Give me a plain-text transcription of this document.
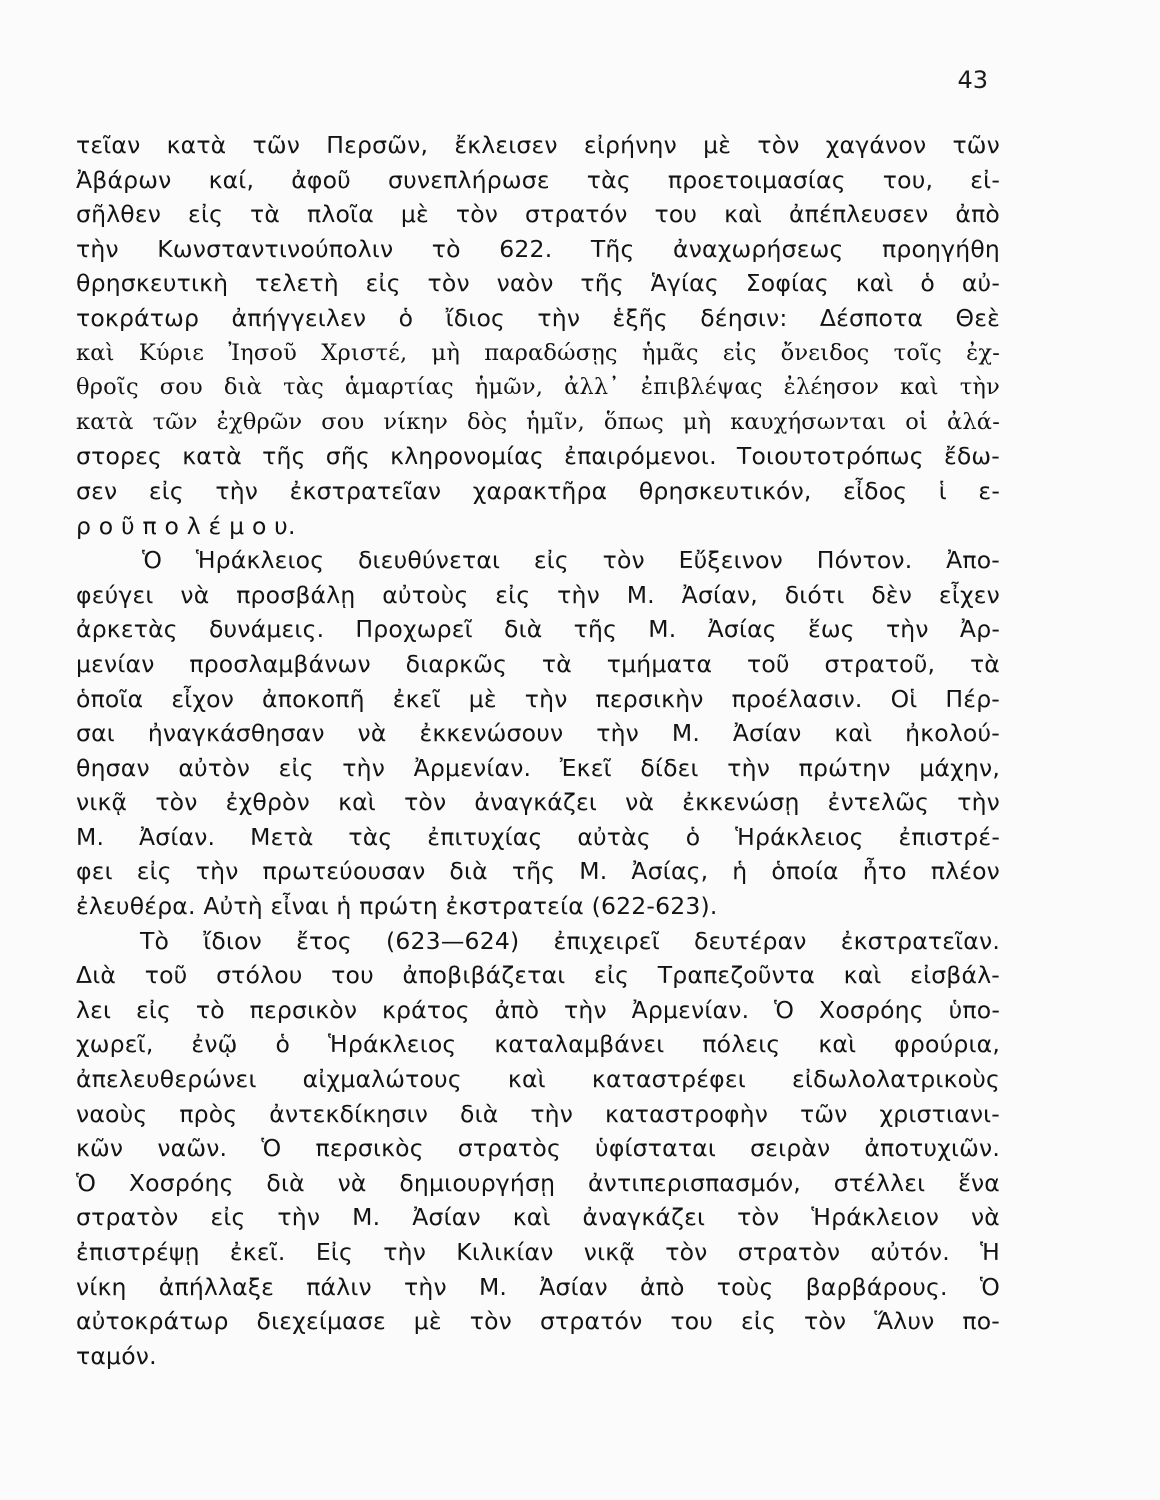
43
τεῖαν κατὰ τῶν Περσῶν, ἔκλεισεν εἰρήνην μὲ τὸν χαγάνον τῶν
Ἀβάρων καί, ἀφοῦ συνεπλήρωσε τὰς προετοιμασίας του, εἰ-
σῆλθεν εἰς τὰ πλοῖα μὲ τὸν στρατόν του καὶ ἀπέπλευσεν ἀπὸ
τὴν Κωνσταντινούπολιν τὸ 622. Τῆς ἀναχωρήσεως προηγήθη
θρησκευτικὴ τελετὴ εἰς τὸν ναὸν τῆς Ἁγίας Σοφίας καὶ ὁ αὐ-
τοκράτωρ ἀπήγγειλεν ὁ ἴδιος τὴν ἑξῆς δέησιν: Δέσποτα Θεὲ
καὶ Κύριε Ἰησοῦ Χριστέ, μὴ παραδώσῃς ἡμᾶς εἰς ὄνειδος τοῖς ἐχ-
θροῖς σου διὰ τὰς ἁμαρτίας ἡμῶν, ἀλλ᾽ ἐπιβλέψας ἐλέησον καὶ τὴν
κατὰ τῶν ἐχθρῶν σου νίκην δὸς ἡμῖν, ὅπως μὴ καυχήσωνται οἱ ἀλά-
στορες κατὰ τῆς σῆς κληρονομίας ἐπαιρόμενοι. Τοιουτοτρόπως ἔδω-
σεν εἰς τὴν ἐκστρατεῖαν χαρακτῆρα θρησκευτικόν, εἶδος ἱ ε-
ρ ο ῦ π ο λ έ μ ο υ.
Ὁ Ἡράκλειος διευθύνεται εἰς τὸν Εὔξεινον Πόντον. Ἀπο-
φεύγει νὰ προσβάλῃ αὐτοὺς εἰς τὴν Μ. Ἀσίαν, διότι δὲν εἶχεν
ἀρκετὰς δυνάμεις. Προχωρεῖ διὰ τῆς Μ. Ἀσίας ἕως τὴν Ἀρ-
μενίαν προσλαμβάνων διαρκῶς τὰ τμήματα τοῦ στρατοῦ, τὰ
ὁποῖα εἶχον ἀποκοπῆ ἐκεῖ μὲ τὴν περσικὴν προέλασιν. Οἱ Πέρ-
σαι ἠναγκάσθησαν νὰ ἐκκενώσουν τὴν Μ. Ἀσίαν καὶ ἠκολού-
θησαν αὐτὸν εἰς τὴν Ἀρμενίαν. Ἐκεῖ δίδει τὴν πρώτην μάχην,
νικᾷ τὸν ἐχθρὸν καὶ τὸν ἀναγκάζει νὰ ἐκκενώσῃ ἐντελῶς τὴν
Μ. Ἀσίαν. Μετὰ τὰς ἐπιτυχίας αὐτὰς ὁ Ἡράκλειος ἐπιστρέ-
φει εἰς τὴν πρωτεύουσαν διὰ τῆς Μ. Ἀσίας, ἡ ὁποία ἦτο πλέον
ἐλευθέρα. Αὐτὴ εἶναι ἡ πρώτη ἐκστρατεία (622-623).
Τὸ ἴδιον ἔτος (623—624) ἐπιχειρεῖ δευτέραν ἐκστρατεῖαν.
Διὰ τοῦ στόλου του ἀποβιβάζεται εἰς Τραπεζοῦντα καὶ εἰσβάλ-
λει εἰς τὸ περσικὸν κράτος ἀπὸ τὴν Ἀρμενίαν. Ὁ Χοσρόης ὑπο-
χωρεῖ, ἐνῷ ὁ Ἡράκλειος καταλαμβάνει πόλεις καὶ φρούρια,
ἀπελευθερώνει αἰχμαλώτους καὶ καταστρέφει εἰδωλολατρικοὺς
ναοὺς πρὸς ἀντεκδίκησιν διὰ τὴν καταστροφὴν τῶν χριστιανι-
κῶν ναῶν. Ὁ περσικὸς στρατὸς ὑφίσταται σειρὰν ἀποτυχιῶν.
Ὁ Χοσρόης διὰ νὰ δημιουργήσῃ ἀντιπερισπασμόν, στέλλει ἕνα
στρατὸν εἰς τὴν Μ. Ἀσίαν καὶ ἀναγκάζει τὸν Ἡράκλειον νὰ
ἐπιστρέψῃ ἐκεῖ. Εἰς τὴν Κιλικίαν νικᾷ τὸν στρατὸν αὐτόν. Ἡ
νίκη ἀπήλλαξε πάλιν τὴν Μ. Ἀσίαν ἀπὸ τοὺς βαρβάρους. Ὁ
αὐτοκράτωρ διεχείμασε μὲ τὸν στρατόν του εἰς τὸν Ἅλυν πο-
ταμόν.
